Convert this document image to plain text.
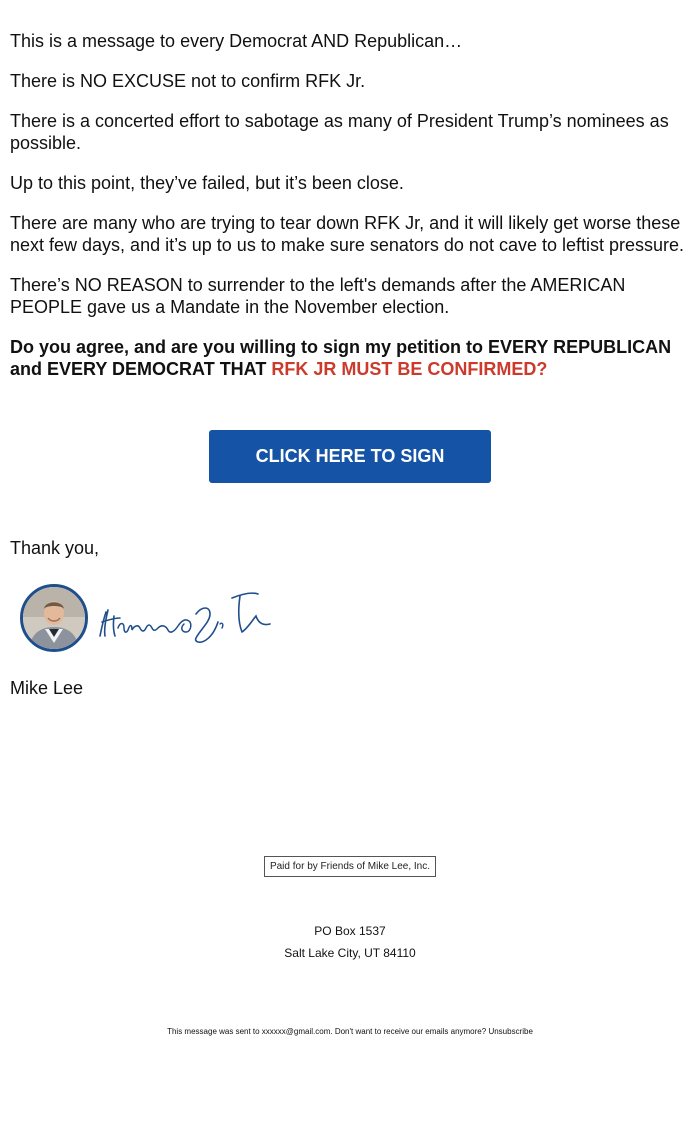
This is a message to every Democrat AND Republican…

There is NO EXCUSE not to confirm RFK Jr.

There is a concerted effort to sabotage as many of President Trump’s nominees as possible.

Up to this point, they’ve failed, but it’s been close.

There are many who are trying to tear down RFK Jr, and it will likely get worse these next few days, and it’s up to us to make sure senators do not cave to leftist pressure.

There’s NO REASON to surrender to the left's demands after the AMERICAN PEOPLE gave us a Mandate in the November election.

Do you agree, and are you willing to sign my petition to EVERY REPUBLICAN and EVERY DEMOCRAT THAT RFK JR MUST BE CONFIRMED?

CLICK HERE TO SIGN
Thank you,
Mike Lee
Paid for by Friends of Mike Lee, Inc.
PO Box 1537
Salt Lake City, UT 84110
This message was sent to xxxxxx@gmail.com. Don't want to receive our emails anymore? Unsubscribe
